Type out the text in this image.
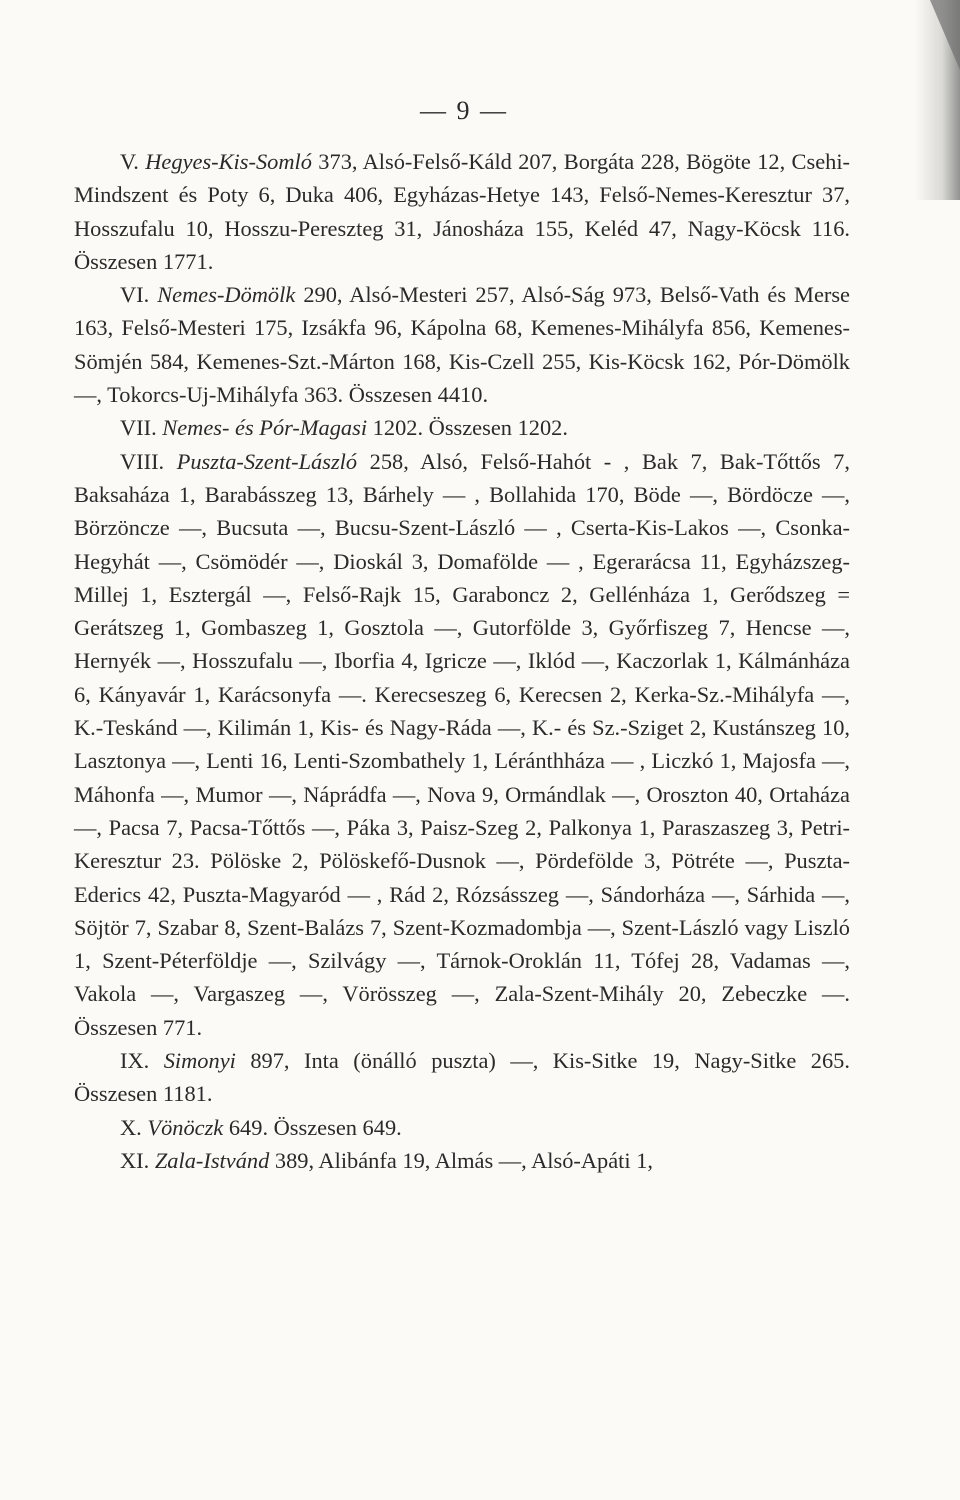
— 9 —

V. Hegyes-Kis-Somló 373, Alsó-Felső-Káld 207, Borgáta 228, Bögöte 12, Csehi-Mindszent és Poty 6, Duka 406, Egyházas-Hetye 143, Felső-Nemes-Keresztur 37, Hosszufalu 10, Hosszu-Pereszteg 31, Jánosháza 155, Keléd 47, Nagy-Köcsk 116. Összesen 1771.

VI. Nemes-Dömölk 290, Alsó-Mesteri 257, Alsó-Ság 973, Belső-Vath és Merse 163, Felső-Mesteri 175, Izsákfa 96, Kápolna 68, Kemenes-Mihályfa 856, Kemenes-Sömjén 584, Kemenes-Szt.-Márton 168, Kis-Czell 255, Kis-Köcsk 162, Pór-Dömölk —, Tokorcs-Uj-Mihályfa 363. Összesen 4410.

VII. Nemes- és Pór-Magasi 1202. Összesen 1202.

VIII. Puszta-Szent-László 258, Alsó, Felső-Hahót - , Bak 7, Bak-Tőttős 7, Baksaháza 1, Barabásszeg 13, Bárhely — , Bollahida 170, Böde —, Bördöcze —, Börzöncze —, Bucsuta —, Bucsu-Szent-László — , Cserta-Kis-Lakos —, Csonka-Hegyhát —, Csömödér —, Dioskál 3, Domafölde — , Egerarácsa 11, Egyházszeg-Millej 1, Esztergál —, Felső-Rajk 15, Garaboncz 2, Gellénháza 1, Gerődszeg = Gerátszeg 1, Gombaszeg 1, Gosztola —, Gutorfölde 3, Győrfiszeg 7, Hencse —, Hernyék —, Hosszufalu —, Iborfia 4, Igricze —, Iklód —, Kaczorlak 1, Kálmánháza 6, Kányavár 1, Karácsonyfa —. Kerecseszeg 6, Kerecsen 2, Kerka-Sz.-Mihályfa —, K.-Teskánd —, Kilimán 1, Kis- és Nagy-Ráda —, K.- és Sz.-Sziget 2, Kustánszeg 10, Lasztonya —, Lenti 16, Lenti-Szombathely 1, Léránthháza — , Liczkó 1, Majosfa —, Máhonfa —, Mumor —, Náprádfa —, Nova 9, Ormándlak —, Oroszton 40, Ortaháza —, Pacsa 7, Pacsa-Tőttős —, Páka 3, Paisz-Szeg 2, Palkonya 1, Paraszaszeg 3, Petri-Keresztur 23. Pölöske 2, Pölöskefő-Dusnok —, Pördefölde 3, Pötréte —, Puszta-Ederics 42, Puszta-Magyaród — , Rád 2, Rózsásszeg —, Sándorháza —, Sárhida —, Söjtör 7, Szabar 8, Szent-Balázs 7, Szent-Kozmadombja —, Szent-László vagy Liszló 1, Szent-Péterföldje —, Szilvágy —, Tárnok-Oroklán 11, Tófej 28, Vadamas —, Vakola —, Vargaszeg —, Vörösszeg —, Zala-Szent-Mihály 20, Zebeczke —. Összesen 771.

IX. Simonyi 897, Inta (önálló puszta) —, Kis-Sitke 19, Nagy-Sitke 265. Összesen 1181.

X. Vönöczk 649. Összesen 649.

XI. Zala-Istvánd 389, Alibánfa 19, Almás —, Alsó-Apáti 1,
